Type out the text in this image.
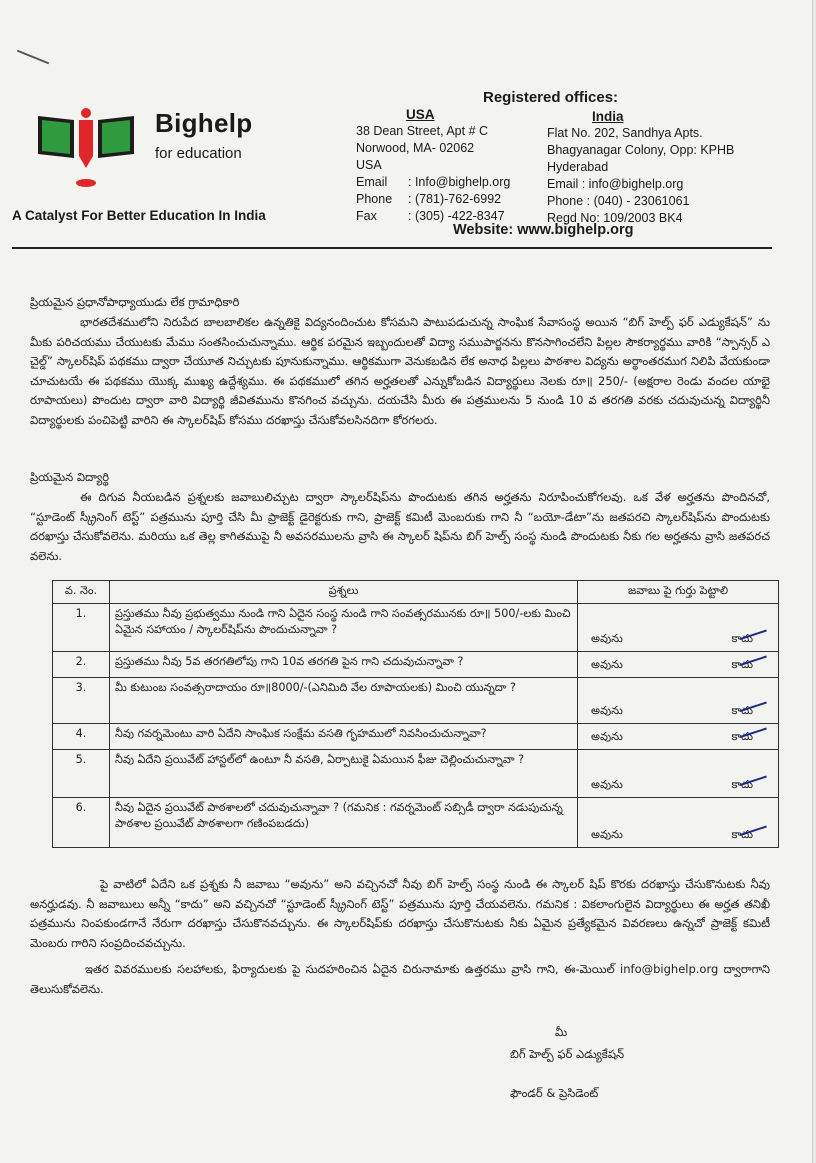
Bighelp
for education
A Catalyst For Better Education In India
Registered offices:
USA
38 Dean Street, Apt # C
Norwood, MA- 02062
USA
Email	: Info@bighelp.org
Phone	: (781)-762-6992
Fax	: (305) -422-8347
India
Flat No. 202, Sandhya Apts.
Bhagyanagar Colony, Opp: KPHB
Hyderabad
Email : info@bighelp.org
Phone : (040) - 23061061
Regd No: 109/2003 BK4
Website: www.bighelp.org
ప్రియమైన ప్రధానోపాధ్యాయుడు లేక గ్రామాధికారి
భారతదేశములోని నిరుపేద బాలబాలికల ఉన్నతికై విద్యనందించుట కోసమని పాటుపడుచున్న సాంఘిక సేవాసంస్థ అయిన “బిగ్ హెల్ప్ ఫర్ ఎడ్యుకేషన్” ను మీకు పరిచయము చేయుటకు మేము సంతసించుచున్నాము. ఆర్థిక పరమైన ఇబ్బందులతో విద్యా సముపార్జనను కొనసాగించలేని పిల్లల సౌకర్యార్థము వారికి “స్పాన్సర్ ఎ చైల్డ్” స్కాలర్‌షిప్ పథకము ద్వారా చేయూత నిచ్చుటకు పూనుకున్నాము. ఆర్థికముగా వెనుకబడిన లేక అనాధ పిల్లలు పాఠశాల విద్యను అర్థాంతరముగ నిలిపి వేయకుండా చూచుటయే ఈ పథకము యొక్క ముఖ్య ఉద్దేశ్యము. ఈ పథకములో తగిన అర్హతలతో ఎన్నుకోబడిన విద్యార్థులు నెలకు రూ॥ 250/- (అక్షరాల రెండు వందల యాభై రూపాయలు) పొందుట ద్వారా వారి విద్యార్థి జీవితమును కొనగించ వచ్చును. దయచేసి మీరు ఈ పత్రములను 5 నుండి 10 వ తరగతి వరకు చదువుచున్న విద్యార్థినీ విద్యార్థులకు పంచిపెట్టి వారిని ఈ స్కాలర్‌షిప్ కోసము దరఖాస్తు చేసుకోవలసినదిగా కోరగలరు.
ప్రియమైన విద్యార్థి
ఈ దిగువ నీయబడిన ప్రశ్నలకు జవాబులిచ్చుట ద్వారా స్కాలర్‌షిప్‌ను పొందుటకు తగిన అర్హతను నిరూపించుకోగలవు. ఒక వేళ అర్హతను పొందినచో, “స్టూడెంట్ స్క్రీనింగ్ టెస్ట్” పత్రమును పూర్తి చేసి మీ ప్రాజెక్ట్ డైరెక్టరుకు గాని, ప్రాజెక్ట్ కమిటీ మెంబరుకు గాని నీ “బయో-డేటా”ను జతపరచి స్కాలర్‌షిప్‌ను పొందుటకు దరఖాస్తు చేసుకోవలెను. మరియు ఒక తెల్ల కాగితముపై నీ అవసరములను వ్రాసి ఈ స్కాలర్ షిప్‌ను బిగ్ హెల్ప్ సంస్థ నుండి పొందుటకు నీకు గల అర్హతను వ్రాసి జతపరచ వలెను.
వ. నెం.	ప్రశ్నలు	జవాబు పై గుర్తు పెట్టాలి
1.	ప్రస్తుతము నీవు ప్రభుత్వము నుండి గాని ఏదైన సంస్థ నుండి గాని సంవత్సరమునకు రూ॥ 500/-లకు మించి ఏమైన సహాయం / స్కాలర్‌షిప్‌ను పొందుచున్నావా ?	అవును కాదు

2.	ప్రస్తుతము నీవు 5వ తరగతిలోపు గాని 10వ తరగతి పైన గాని చదువుచున్నావా ?	అవును కాదు

3.	మీ కుటుంబ సంవత్సరాదాయం రూ॥8000/-(ఎనిమిది వేల రూపాయలకు) మించి యున్నదా ?	అవును కాదు

4.	నీవు గవర్నమెంటు వారి ఏదేని సాంఘిక సంక్షేమ వసతి గృహములో నివసించుచున్నావా?	అవును కాదు

5.	నీవు ఏదేని ప్రయివేట్ హాస్టల్‌లో ఉంటూ నీ వసతి, ఏర్పాటుకై ఏమయిన ఫీజు చెల్లించుచున్నావా ?	అవును కాదు

6.	నీవు ఏదైన ప్రయివేట్ పాఠశాలలో చదువుచున్నావా ? (గమనిక : గవర్నమెంట్ సబ్సిడీ ద్వారా నడుపుచున్న పాఠశాల ప్రయివేట్ పాఠశాలగా గణింపబడదు)	అవును కాదు
పై వాటిలో ఏదేని ఒక ప్రశ్నకు నీ జవాబు “అవును” అని వచ్చినచో నీవు బిగ్ హెల్ప్ సంస్థ నుండి ఈ స్కాలర్ షిప్ కొరకు దరఖాస్తు చేసుకొనుటకు నీవు అనర్హుడవు. నీ జవాబులు అన్నీ “కాదు” అని వచ్చినచో “స్టూడెంట్ స్క్రీనింగ్ టెస్ట్” పత్రమును పూర్తి చేయవలెను. గమనిక : వికలాంగులైన విద్యార్థులు ఈ అర్హత తనిఖీ పత్రమును నింపకుండగానే నేరుగా దరఖాస్తు చేసుకొనవచ్చును. ఈ స్కాలర్‌షిప్‌కు దరఖాస్తు చేసుకొనుటకు నీకు ఏమైన ప్రత్యేకమైన వివరణలు ఉన్నచో ప్రాజెక్ట్ కమిటీ మెంబరు గారిని సంప్రదించవచ్చును.
ఇతర వివరములకు సలహాలకు, ఫిర్యాదులకు పై సుదహరించిన ఏదైన చిరునామాకు ఉత్తరము వ్రాసి గాని, ఈ-మెయిల్ info@bighelp.org ద్వారాగాని తెలుసుకోవలెను.
మీ
బిగ్ హెల్ప్ ఫర్ ఎడ్యుకేషన్
ఫౌండర్ & ప్రెసిడెంట్
